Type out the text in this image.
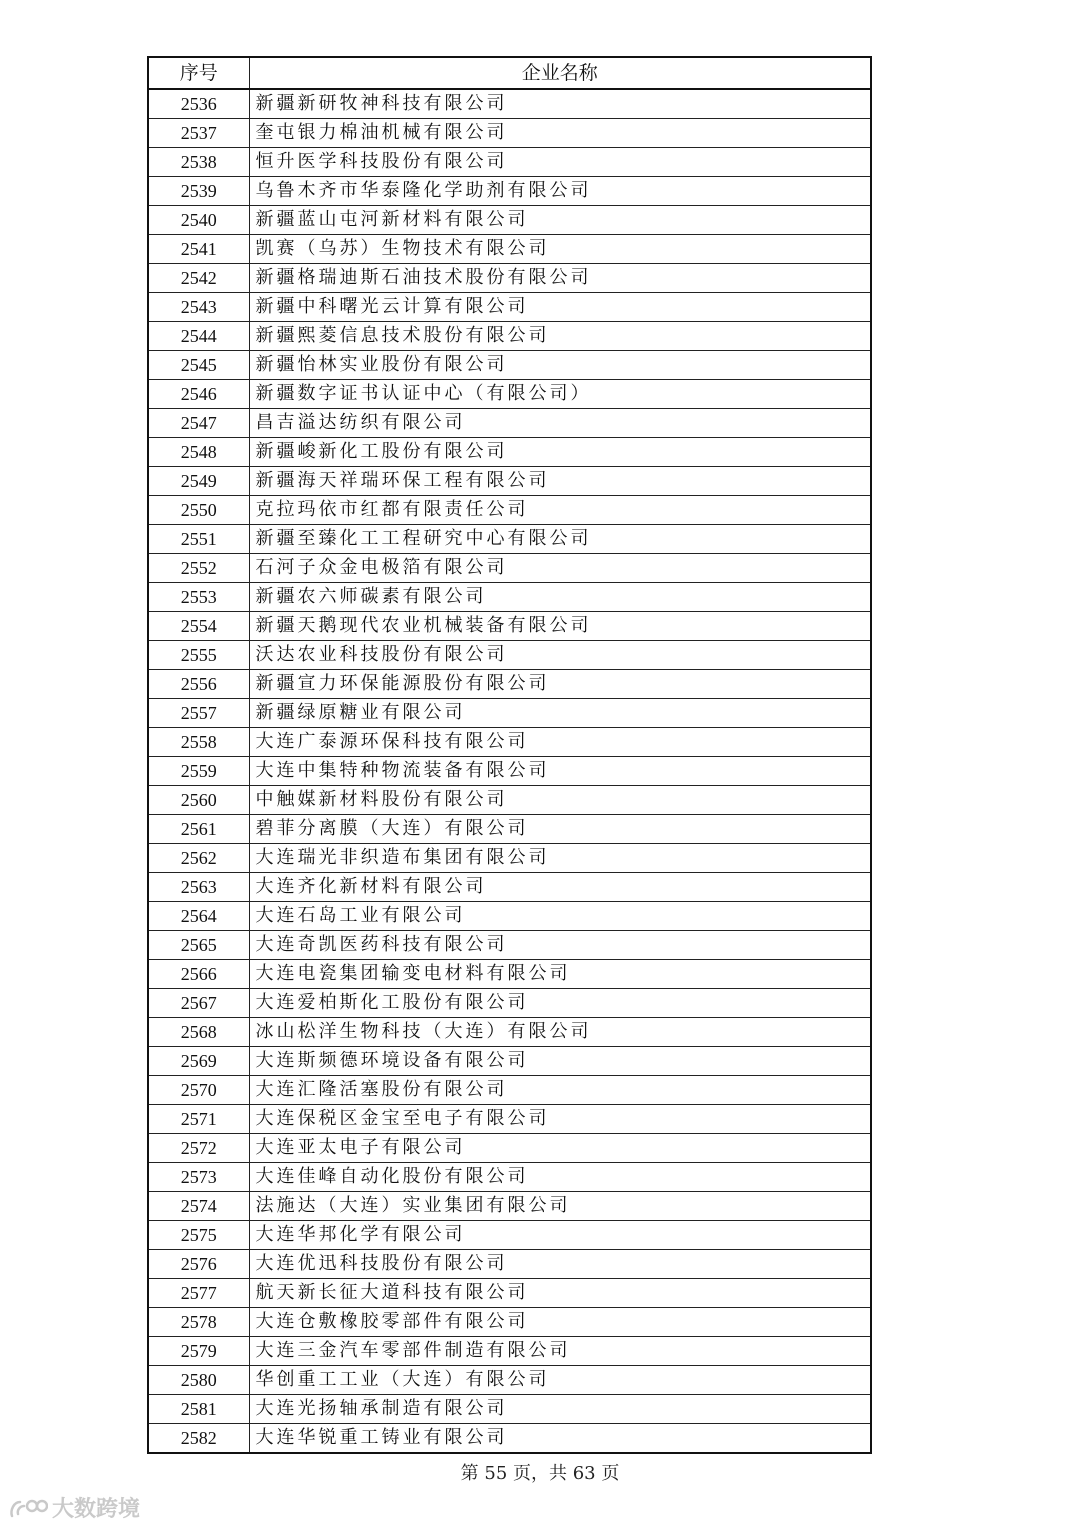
序号	企业名称
2536	新疆新研牧神科技有限公司
2537	奎屯银力棉油机械有限公司
2538	恒升医学科技股份有限公司
2539	乌鲁木齐市华泰隆化学助剂有限公司
2540	新疆蓝山屯河新材料有限公司
2541	凯赛（乌苏）生物技术有限公司
2542	新疆格瑞迪斯石油技术股份有限公司
2543	新疆中科曙光云计算有限公司
2544	新疆熙菱信息技术股份有限公司
2545	新疆怡林实业股份有限公司
2546	新疆数字证书认证中心（有限公司）
2547	昌吉溢达纺织有限公司
2548	新疆峻新化工股份有限公司
2549	新疆海天祥瑞环保工程有限公司
2550	克拉玛依市红都有限责任公司
2551	新疆至臻化工工程研究中心有限公司
2552	石河子众金电极箔有限公司
2553	新疆农六师碳素有限公司
2554	新疆天鹅现代农业机械装备有限公司
2555	沃达农业科技股份有限公司
2556	新疆宣力环保能源股份有限公司
2557	新疆绿原糖业有限公司
2558	大连广泰源环保科技有限公司
2559	大连中集特种物流装备有限公司
2560	中触媒新材料股份有限公司
2561	碧菲分离膜（大连）有限公司
2562	大连瑞光非织造布集团有限公司
2563	大连齐化新材料有限公司
2564	大连石岛工业有限公司
2565	大连奇凯医药科技有限公司
2566	大连电瓷集团输变电材料有限公司
2567	大连爱柏斯化工股份有限公司
2568	冰山松洋生物科技（大连）有限公司
2569	大连斯频德环境设备有限公司
2570	大连汇隆活塞股份有限公司
2571	大连保税区金宝至电子有限公司
2572	大连亚太电子有限公司
2573	大连佳峰自动化股份有限公司
2574	法施达（大连）实业集团有限公司
2575	大连华邦化学有限公司
2576	大连优迅科技股份有限公司
2577	航天新长征大道科技有限公司
2578	大连仓敷橡胶零部件有限公司
2579	大连三金汽车零部件制造有限公司
2580	华创重工工业（大连）有限公司
2581	大连光扬轴承制造有限公司
2582	大连华锐重工铸业有限公司
第 55 页，共 63 页
大数跨境
